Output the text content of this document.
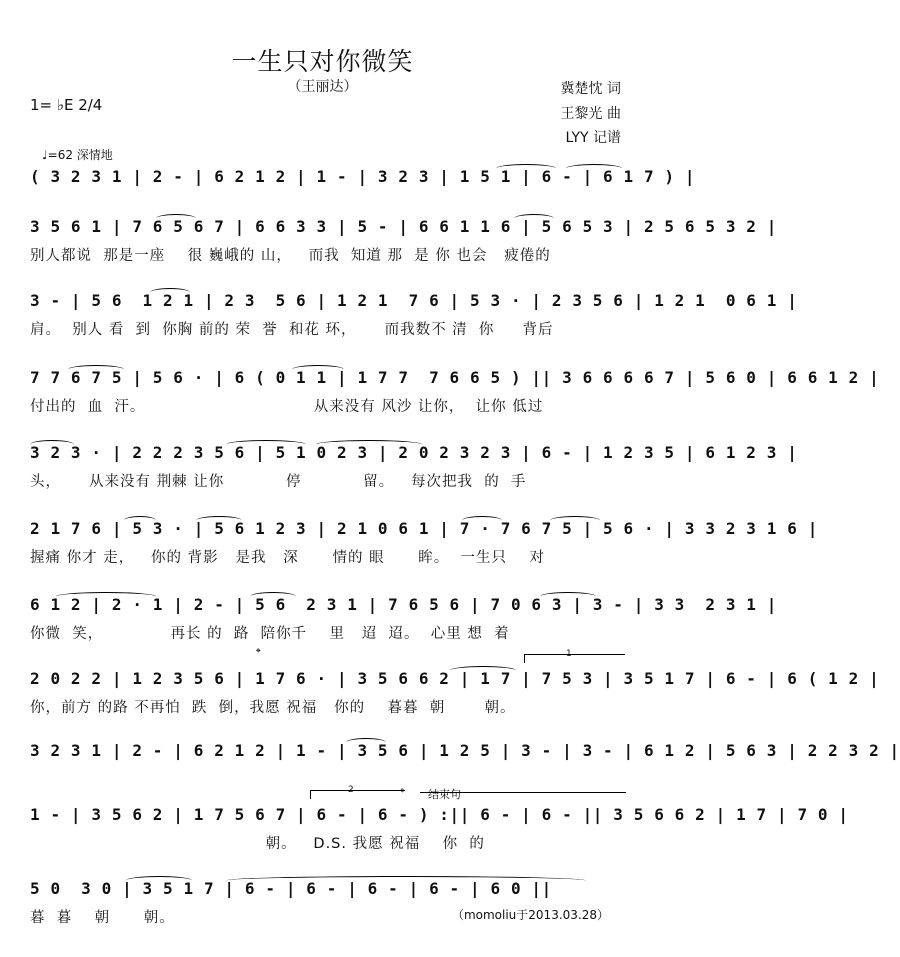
一生只对你微笑
（王丽达）	冀楚忱 词
王黎光 曲
LYY 记谱
1= ♭E 2/4
♩=62 深情地
( 3 2 3 1 | 2 - | 6 2 1 2 | 1 - | 3 2 3 | 1 5 1 | 6 - | 6 1 7 ) |
3 5 6 1 | 7 6 5 6 7 | 6 6 3 3 | 5 - | 6 6 1 1 6 | 5 6 5 3 | 2 5 6 5 3 2 |
别人都说  那是一座    很 巍峨的 山，   而我  知道 那  是 你 也会   疲倦的
3 - | 5 6  1 2 1 | 2 3  5 6 | 1 2 1  7 6 | 5 3 · | 2 3 5 6 | 1 2 1  0 6 1 |
肩。  别人 看  到  你胸 前的 荣  誉  和花 环，     而我数不 清  你     背后
7 7 6 7 5 | 5 6 · | 6 ( 0 1 1 | 1 7 7  7 6 6 5 ) || 3 6 6 6 6 7 | 5 6 0 | 6 6 1 2 |
付出的  血  汗。                              从来没有 风沙 让你，  让你 低过
3 2 3 · | 2 2 2 3 5 6 | 5 1 0 2 3 | 2 0 2 3 2 3 | 6 - | 1 2 3 5 | 6 1 2 3 |
头，     从来没有 荆棘 让你           停           留。   每次把我  的  手
2 1 7 6 | 5 3 · | 5 6 1 2 3 | 2 1 0 6 1 | 7 · 7 6 7 5 | 5 6 · | 3 3 2 3 1 6 |
握痛 你才 走，   你的 背影   是我   深      情的 眼      眸。  一生只    对
6 1 2 | 2 · 1 | 2 - | 5 6  2 3 1 | 7 6 5 6 | 7 0 6 3 | 3 - | 3 3  2 3 1 |
你微  笑，            再长 的  路  陪你千    里   迢  迢。  心里 想  着
2 0 2 2 | 1 2 3 5 6 | 1 7 6 · | 3 5 6 6 2 | 1 7 | 7 5 3 | 3 5 1 7 | 6 - | 6 ( 1 2 |
你，前方 的路 不再怕  跌  倒，我愿 祝福   你的    暮暮  朝       朝。
𝄌	1
3 2 3 1 | 2 - | 6 2 1 2 | 1 - | 3 5 6 | 1 2 5 | 3 - | 3 - | 6 1 2 | 5 6 3 | 2 2 3 2 |
1 - | 3 5 6 2 | 1 7 5 6 7 | 6 - | 6 - ) :|| 6 - | 6 - || 3 5 6 6 2 | 1 7 | 7 0 |
朝。   D.S. 我愿 祝福    你  的
2	𝄌 结束句
5 0  3 0 | 3 5 1 7 | 6 - | 6 - | 6 - | 6 - | 6 0 ||
暮  暮    朝      朝。	（momoliu于2013.03.28）
